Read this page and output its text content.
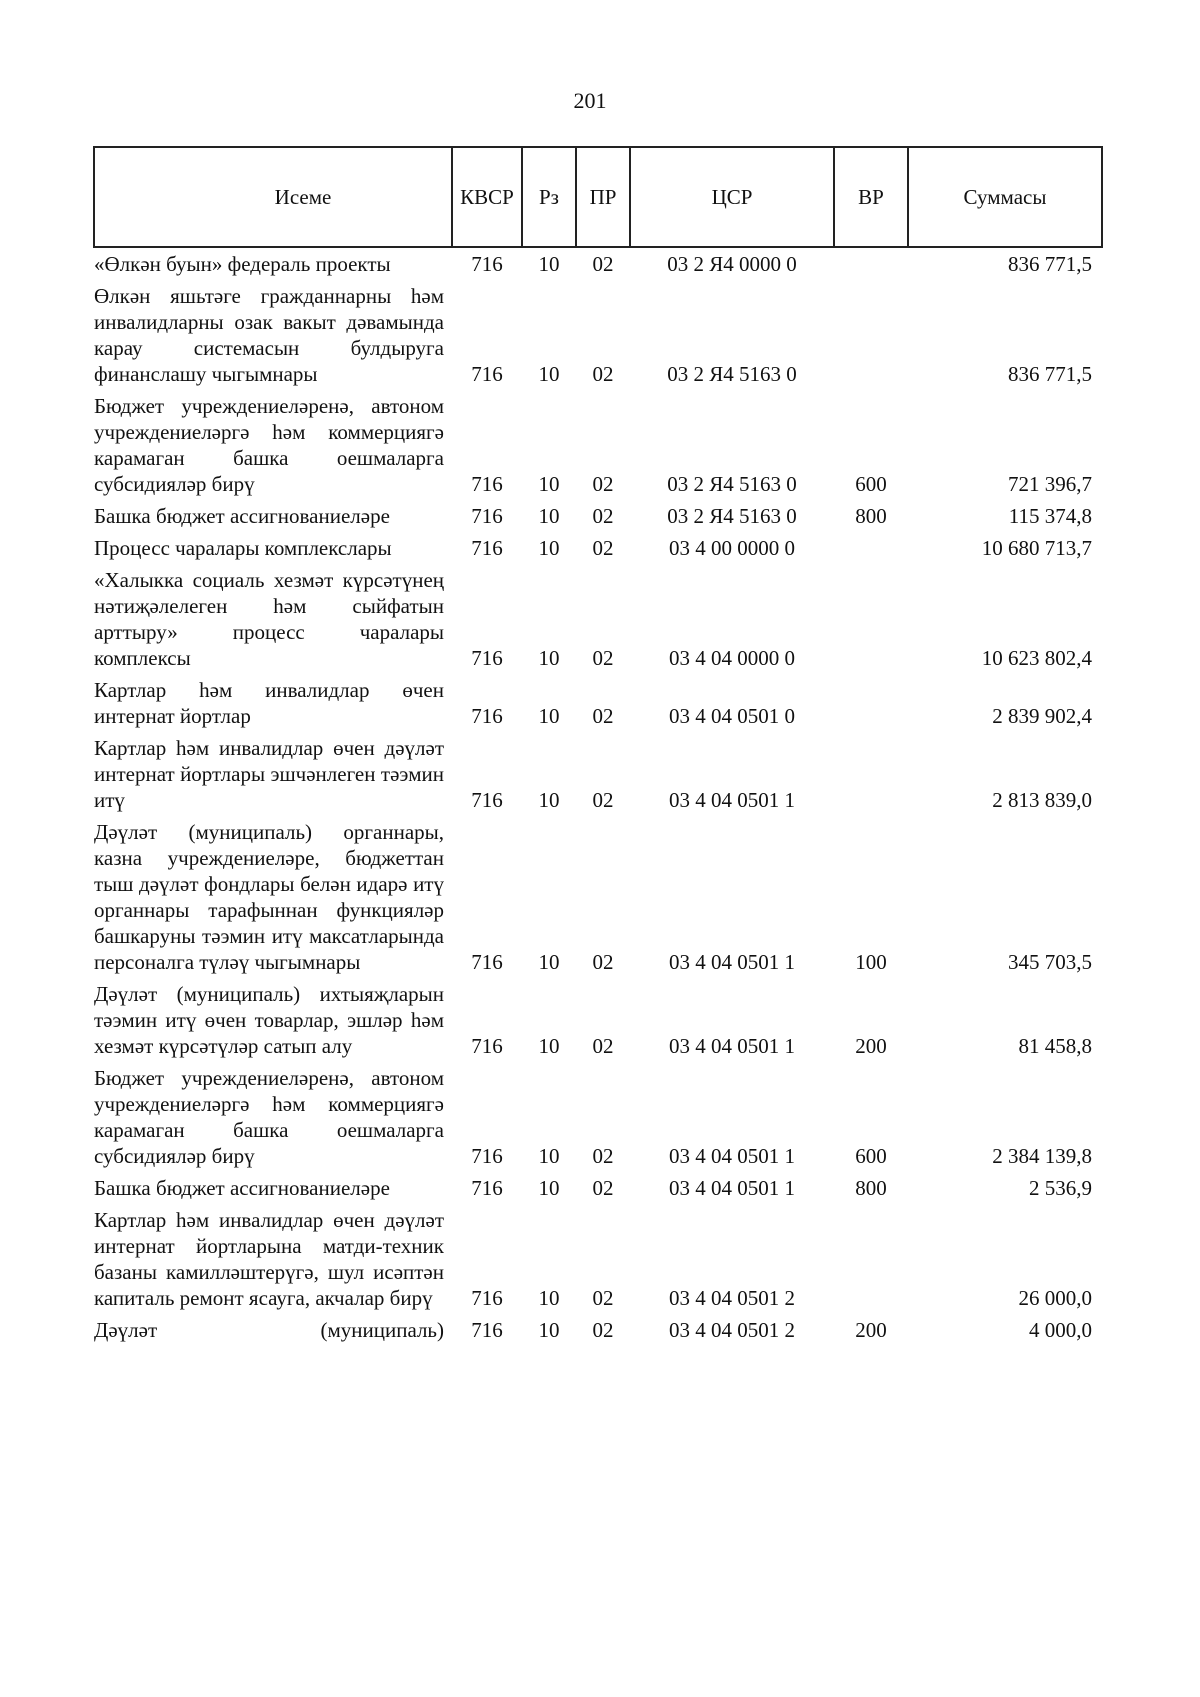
201
Исеме	КВСР	Рз	ПР	ЦСР	ВР	Суммасы
«Өлкән буын» федераль проекты	716	10	02	03 2 Я4 0000 0		836 771,5
Өлкән яшьтәге гражданнарны һәм инвалидларны озак вакыт дәвамында карау системасын булдыруга финанслашу чыгымнары	716	10	02	03 2 Я4 5163 0		836 771,5
Бюджет учреждениеләренә, автоном учреждениеләргә һәм коммерциягә карамаган башка оешмаларга субсидияләр бирү	716	10	02	03 2 Я4 5163 0	600	721 396,7
Башка бюджет ассигнованиеләре	716	10	02	03 2 Я4 5163 0	800	115 374,8
Процесс чаралары комплекслары	716	10	02	03 4 00 0000 0		10 680 713,7
«Халыкка социаль хезмәт күрсәтүнең нәтиҗәлелеген һәм сыйфатын арттыру» процесс чаралары комплексы	716	10	02	03 4 04 0000 0		10 623 802,4
Картлар һәм инвалидлар өчен интернат йортлар	716	10	02	03 4 04 0501 0		2 839 902,4
Картлар һәм инвалидлар өчен дәүләт интернат йортлары эшчәнлеген тәэмин итү	716	10	02	03 4 04 0501 1		2 813 839,0
Дәүләт (муниципаль) органнары, казна учреждениеләре, бюджеттан тыш дәүләт фондлары белән идарә итү органнары тарафыннан функцияләр башкаруны тәэмин итү максатларында персоналга түләү чыгымнары	716	10	02	03 4 04 0501 1	100	345 703,5
Дәүләт (муниципаль) ихтыяҗларын тәэмин итү өчен товарлар, эшләр һәм хезмәт күрсәтүләр сатып алу	716	10	02	03 4 04 0501 1	200	81 458,8
Бюджет учреждениеләренә, автоном учреждениеләргә һәм коммерциягә карамаган башка оешмаларга субсидияләр бирү	716	10	02	03 4 04 0501 1	600	2 384 139,8
Башка бюджет ассигнованиеләре	716	10	02	03 4 04 0501 1	800	2 536,9
Картлар һәм инвалидлар өчен дәүләт интернат йортларына матди-техник базаны камилләштерүгә, шул исәптән капиталь ремонт ясауга, акчалар бирү	716	10	02	03 4 04 0501 2		26 000,0
Дәүләт (муниципаль)	716	10	02	03 4 04 0501 2	200	4 000,0
